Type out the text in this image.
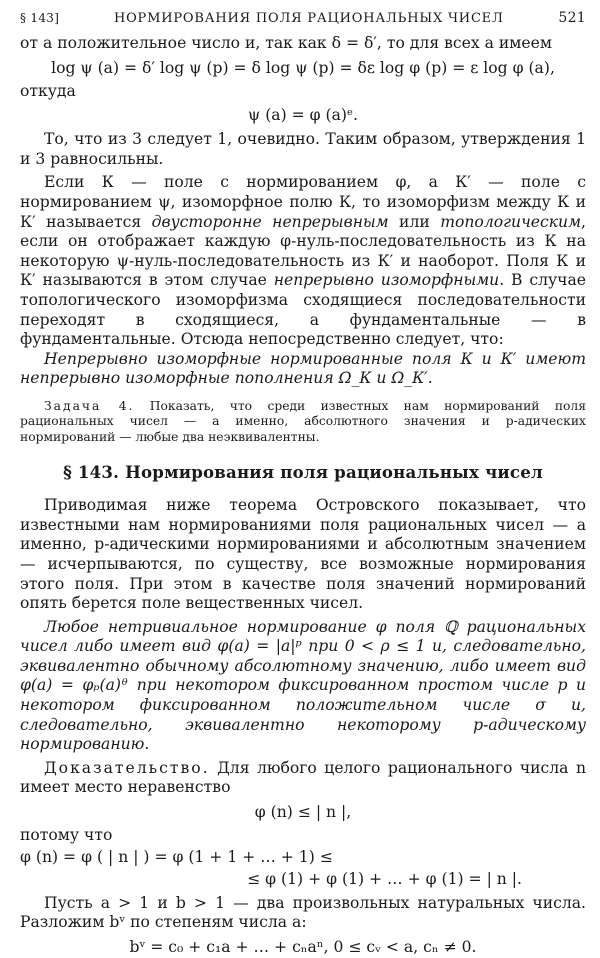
§ 143]	НОРМИРОВАНИЯ ПОЛЯ РАЦИОНАЛЬНЫХ ЧИСЕЛ	521

от a положительное число и, так как δ = δ′, то для всех a имеем

log ψ (a) = δ′ log ψ (p) = δ log ψ (p) = δε log φ (p) = ε log φ (a),

откуда

ψ (a) = φ (a)ᵉ.

То, что из 3 следует 1, очевидно. Таким образом, утверждения 1 и 3 равносильны.

Если К — поле с нормированием φ, а К′ — поле с нормированием ψ, изоморфное полю К, то изоморфизм между К и К′ называется двусторонне непрерывным или топологическим, если он отображает каждую φ-нуль-последовательность из К на некоторую ψ-нуль-последовательность из К′ и наоборот. Поля К и К′ называются в этом случае непрерывно изоморфными. В случае топологического изоморфизма сходящиеся последовательности переходят в сходящиеся, а фундаментальные — в фундаментальные. Отсюда непосредственно следует, что:

Непрерывно изоморфные нормированные поля К и К′ имеют непрерывно изоморфные пополнения Ω_К и Ω_К′.

Задача 4. Показать, что среди известных нам нормирований поля рациональных чисел — а именно, абсолютного значения и p-адических нормирований — любые два неэквивалентны.

§ 143. Нормирования поля рациональных чисел

Приводимая ниже теорема Островского показывает, что известными нам нормированиями поля рациональных чисел — а именно, p-адическими нормированиями и абсолютным значением — исчерпываются, по существу, все возможные нормирования этого поля. При этом в качестве поля значений нормирований опять берется поле вещественных чисел.

Любое нетривиальное нормирование φ поля ℚ рациональных чисел либо имеет вид φ(a) = |a|ᵖ при 0 < ρ ≤ 1 и, следовательно, эквивалентно обычному абсолютному значению, либо имеет вид φ(a) = φₚ(a)ᶿ при некотором фиксированном простом числе p и некотором фиксированном положительном числе σ и, следовательно, эквивалентно некоторому p-адическому нормированию.

Доказательство. Для любого целого рационального числа n имеет место неравенство

φ (n) ≤ | n |,

потому что

φ (n) = φ ( | n | ) = φ (1 + 1 + … + 1) ≤
≤ φ (1) + φ (1) + … + φ (1) = | n |.

Пусть a > 1 и b > 1 — два произвольных натуральных числа. Разложим bᵛ по степеням числа a:

bᵛ = c₀ + c₁a + … + cₙaⁿ, 0 ≤ cᵥ < a, cₙ ≠ 0.
